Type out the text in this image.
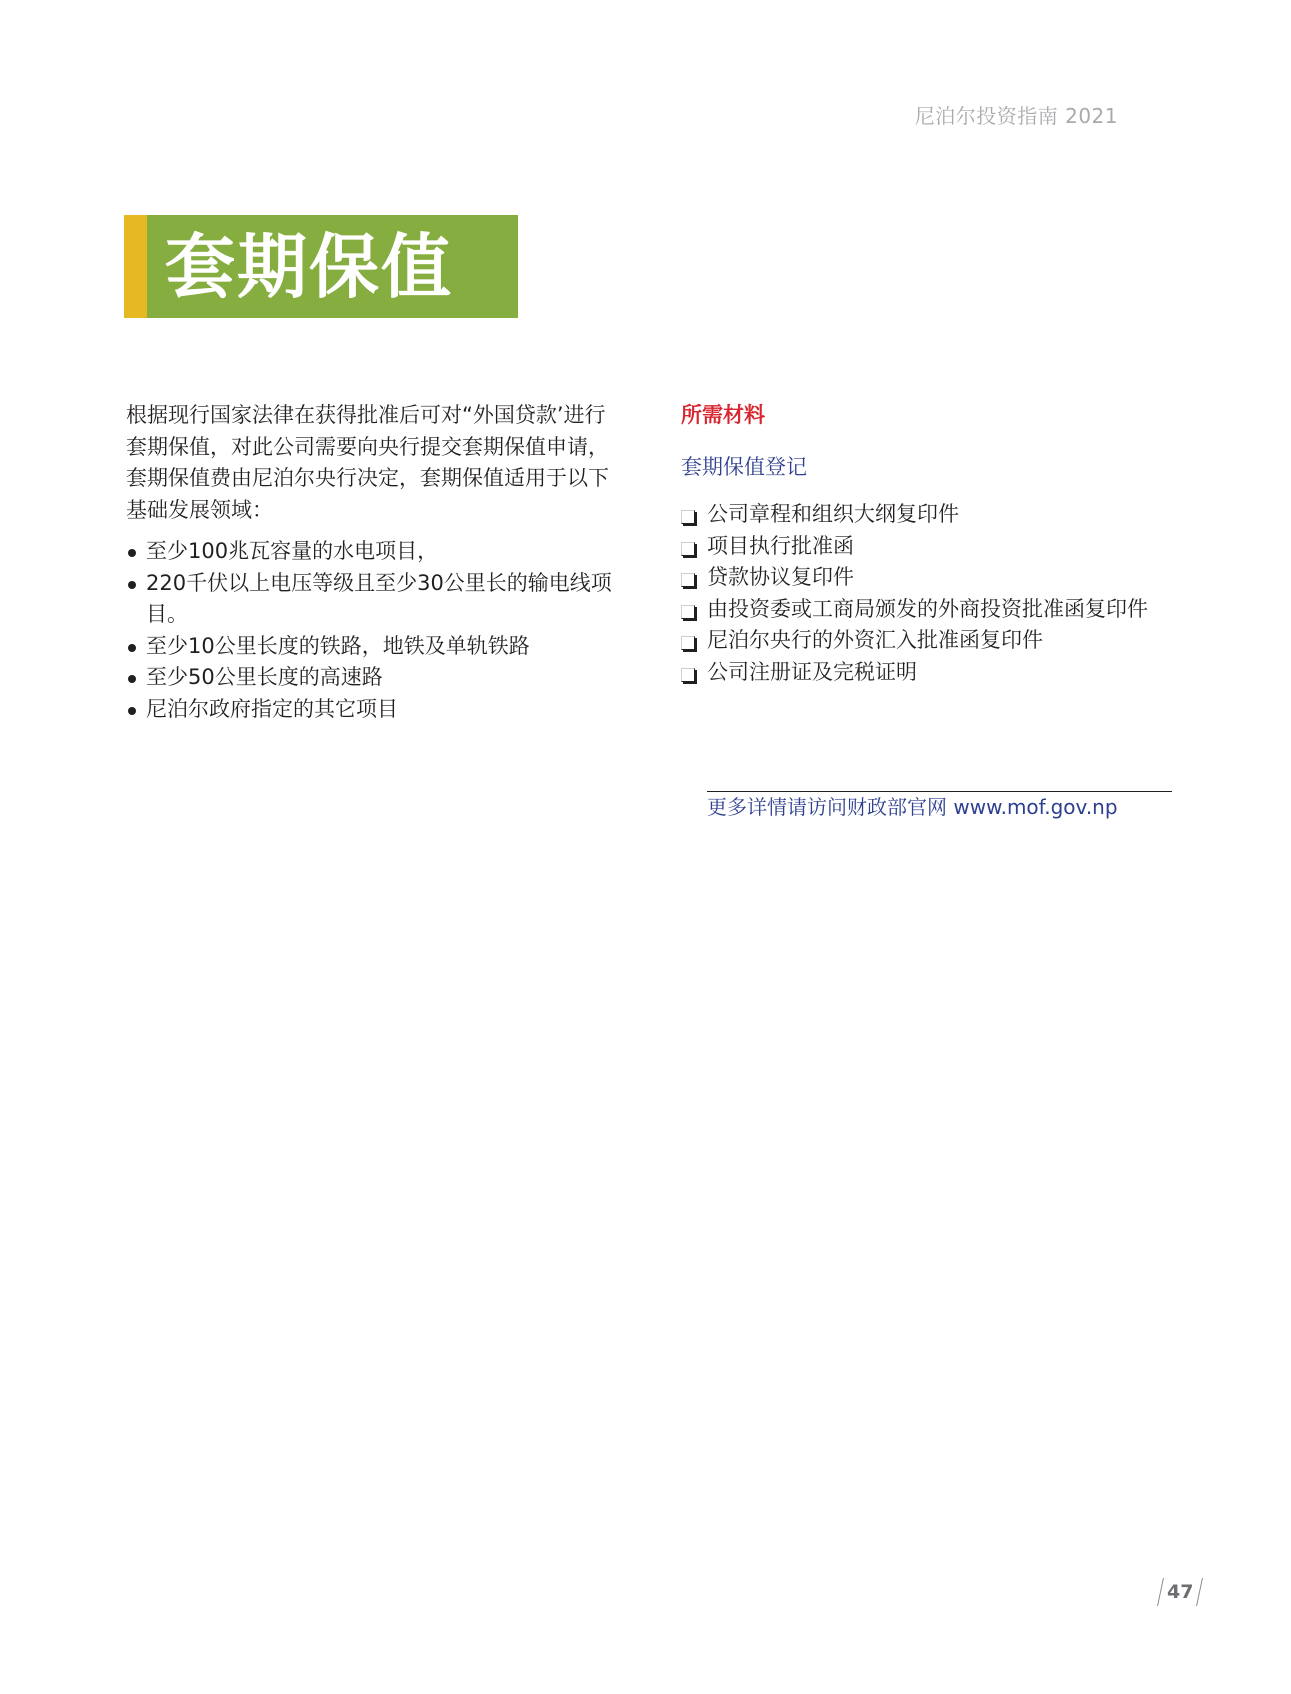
尼泊尔投资指南 2021
套期保值

根据现行国家法律在获得批准后可对“外国贷款’进行套期保值，对此公司需要向央行提交套期保值申请，套期保值费由尼泊尔央行决定，套期保值适用于以下基础发展领域：

至少100兆瓦容量的水电项目，
220千伏以上电压等级且至少30公里长的输电线项目。
至少10公里长度的铁路，地铁及单轨铁路
至少50公里长度的高速路
尼泊尔政府指定的其它项目

所需材料

套期保值登记

公司章程和组织大纲复印件
项目执行批准函
贷款协议复印件
由投资委或工商局颁发的外商投资批准函复印件
尼泊尔央行的外资汇入批准函复印件
公司注册证及完税证明
更多详情请访问财政部官网 www.mof.gov.np
47
